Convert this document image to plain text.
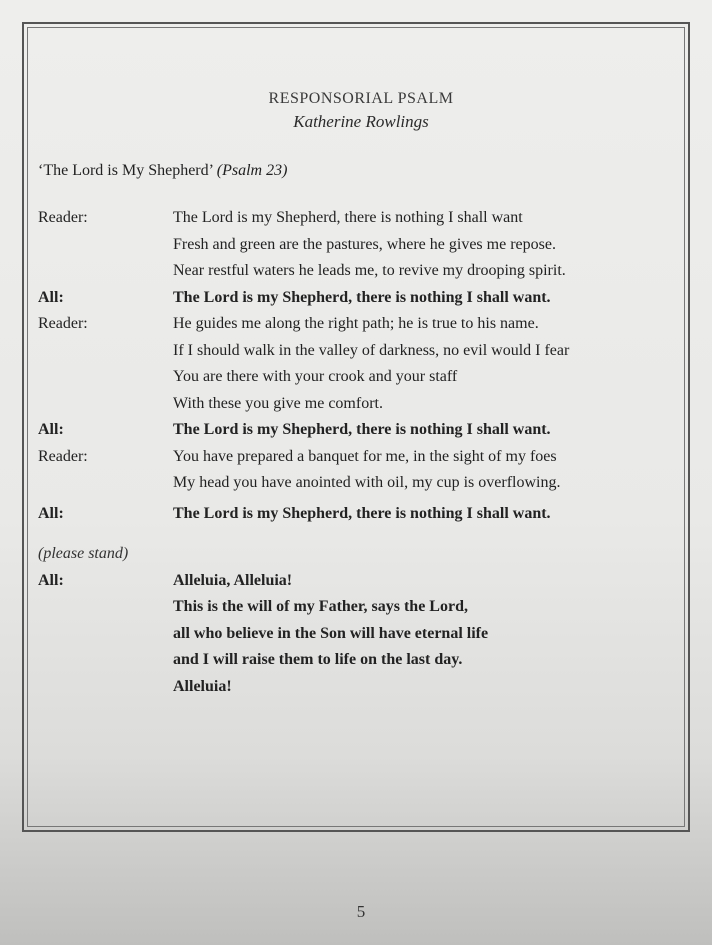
RESPONSORIAL PSALM
Katherine Rowlings
‘The Lord is My Shepherd’ (Psalm 23)
Reader:	The Lord is my Shepherd, there is nothing I shall want
Fresh and green are the pastures, where he gives me repose.
Near restful waters he leads me, to revive my drooping spirit.
All:	The Lord is my Shepherd, there is nothing I shall want.
Reader:	He guides me along the right path; he is true to his name.
If I should walk in the valley of darkness, no evil would I fear
You are there with your crook and your staff
With these you give me comfort.
All:	The Lord is my Shepherd, there is nothing I shall want.
Reader:	You have prepared a banquet for me, in the sight of my foes
My head you have anointed with oil, my cup is overflowing.
All:	The Lord is my Shepherd, there is nothing I shall want.
(please stand)
All:	Alleluia, Alleluia!
This is the will of my Father, says the Lord,
all who believe in the Son will have eternal life
and I will raise them to life on the last day.
Alleluia!
5
